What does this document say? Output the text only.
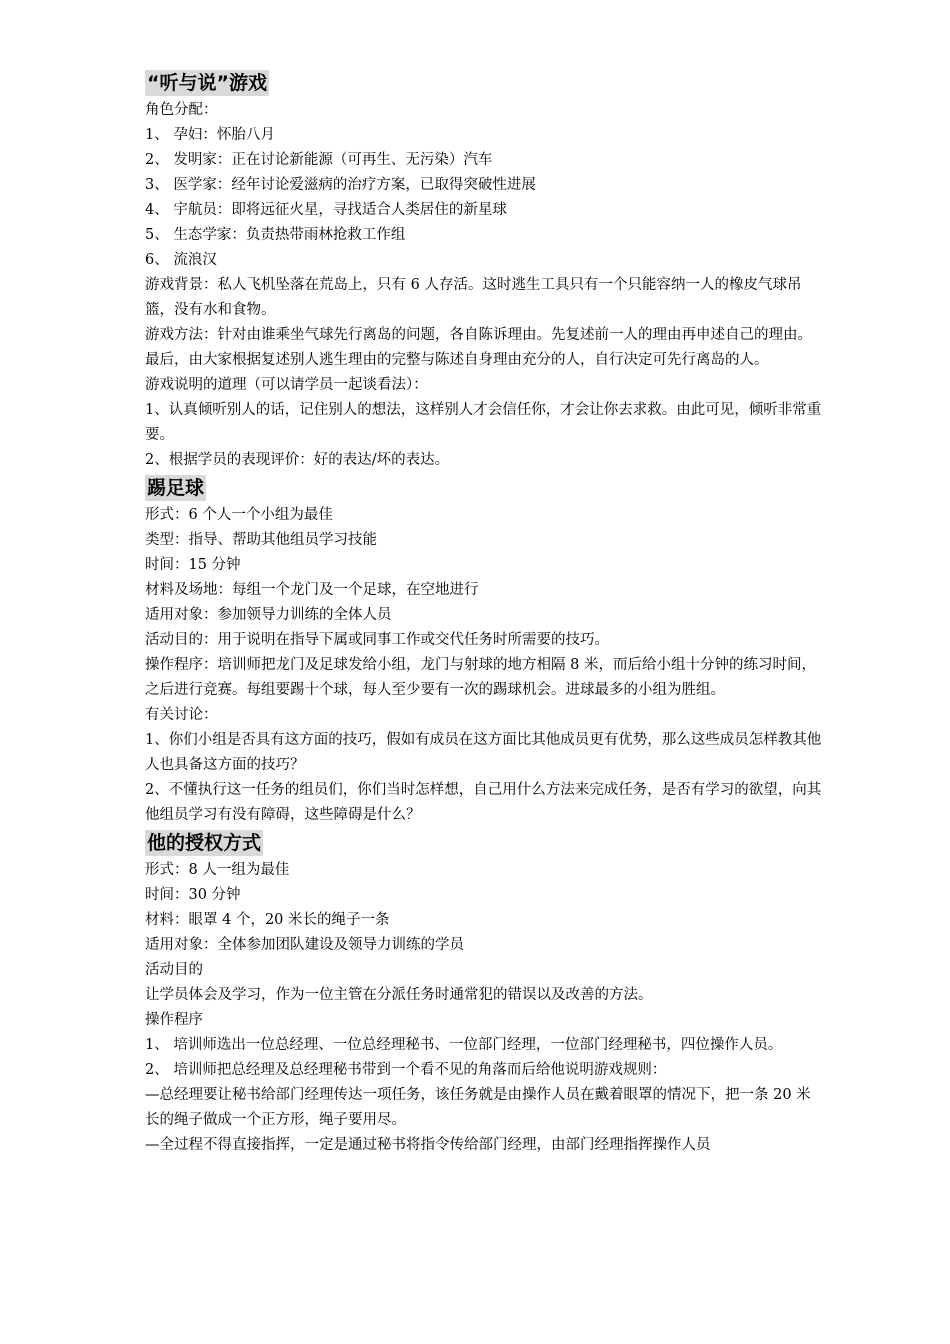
“听与说”游戏
角色分配：
1、 孕妇：怀胎八月
2、 发明家：正在讨论新能源（可再生、无污染）汽车
3、 医学家：经年讨论爱滋病的治疗方案，已取得突破性进展
4、 宇航员：即将远征火星，寻找适合人类居住的新星球
5、 生态学家：负责热带雨林抢救工作组
6、 流浪汉
游戏背景：私人飞机坠落在荒岛上，只有 6 人存活。这时逃生工具只有一个只能容纳一人的橡皮气球吊篮，没有水和食物。
游戏方法：针对由谁乘坐气球先行离岛的问题，各自陈诉理由。先复述前一人的理由再申述自己的理由。最后，由大家根据复述别人逃生理由的完整与陈述自身理由充分的人，自行决定可先行离岛的人。
游戏说明的道理（可以请学员一起谈看法）：
1、认真倾听别人的话，记住别人的想法，这样别人才会信任你，才会让你去求救。由此可见，倾听非常重要。
2、根据学员的表现评价：好的表达/坏的表达。
踢足球
形式：6 个人一个小组为最佳
类型：指导、帮助其他组员学习技能
时间：15 分钟
材料及场地：每组一个龙门及一个足球，在空地进行
适用对象：参加领导力训练的全体人员
活动目的：用于说明在指导下属或同事工作或交代任务时所需要的技巧。
操作程序：培训师把龙门及足球发给小组，龙门与射球的地方相隔 8 米，而后给小组十分钟的练习时间，之后进行竞赛。每组要踢十个球，每人至少要有一次的踢球机会。进球最多的小组为胜组。
有关讨论：
1、你们小组是否具有这方面的技巧，假如有成员在这方面比其他成员更有优势，那么这些成员怎样教其他人也具备这方面的技巧？
2、不懂执行这一任务的组员们，你们当时怎样想，自己用什么方法来完成任务，是否有学习的欲望，向其他组员学习有没有障碍，这些障碍是什么？
他的授权方式
形式：8 人一组为最佳
时间：30 分钟
材料：眼罩 4 个，20 米长的绳子一条
适用对象：全体参加团队建设及领导力训练的学员
活动目的
让学员体会及学习，作为一位主管在分派任务时通常犯的错误以及改善的方法。
操作程序
1、 培训师选出一位总经理、一位总经理秘书、一位部门经理，一位部门经理秘书，四位操作人员。
2、 培训师把总经理及总经理秘书带到一个看不见的角落而后给他说明游戏规则：
—总经理要让秘书给部门经理传达一项任务，该任务就是由操作人员在戴着眼罩的情况下，把一条 20 米长的绳子做成一个正方形，绳子要用尽。
—全过程不得直接指挥，一定是通过秘书将指令传给部门经理，由部门经理指挥操作人员
